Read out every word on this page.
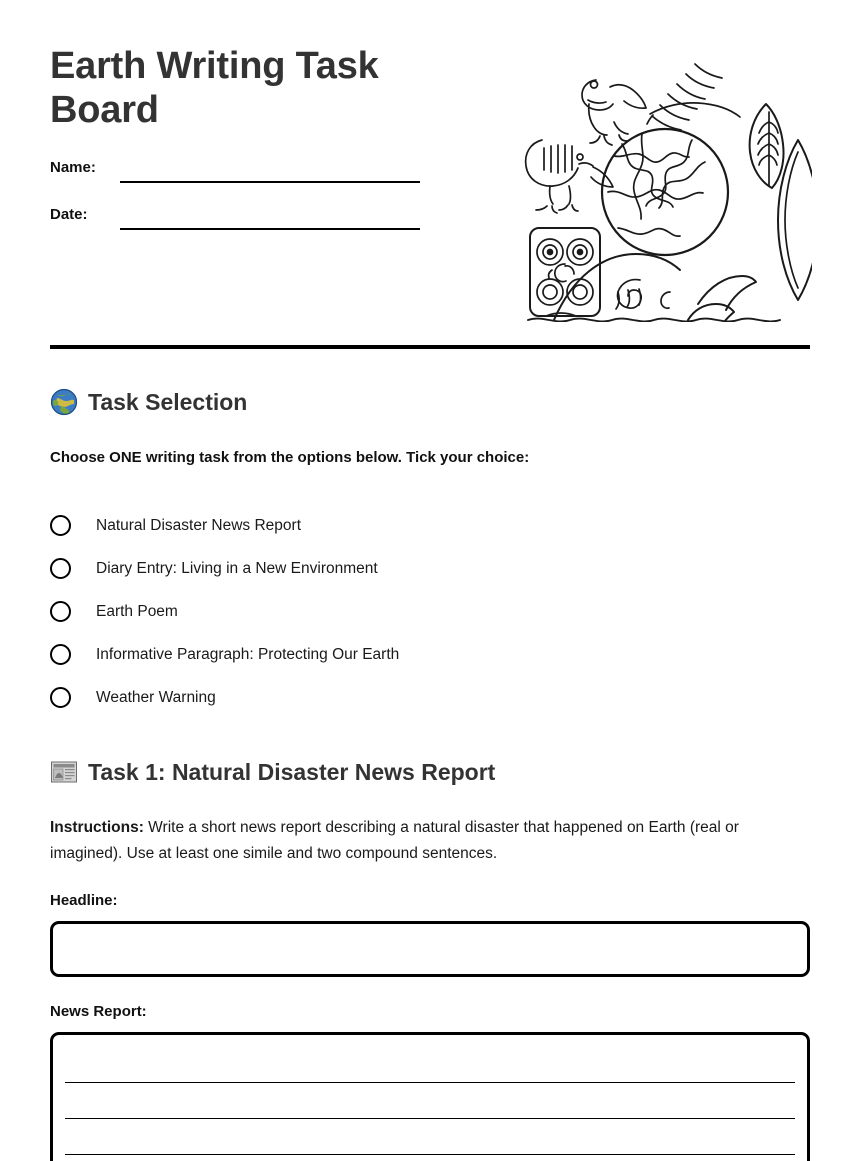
Earth Writing Task Board
Name:
Date:
Task Selection
Choose ONE writing task from the options below. Tick your choice:
Natural Disaster News Report
Diary Entry: Living in a New Environment
Earth Poem
Informative Paragraph: Protecting Our Earth
Weather Warning
Task 1: Natural Disaster News Report
Instructions: Write a short news report describing a natural disaster that happened on Earth (real or imagined). Use at least one simile and two compound sentences.
Headline:
News Report:
